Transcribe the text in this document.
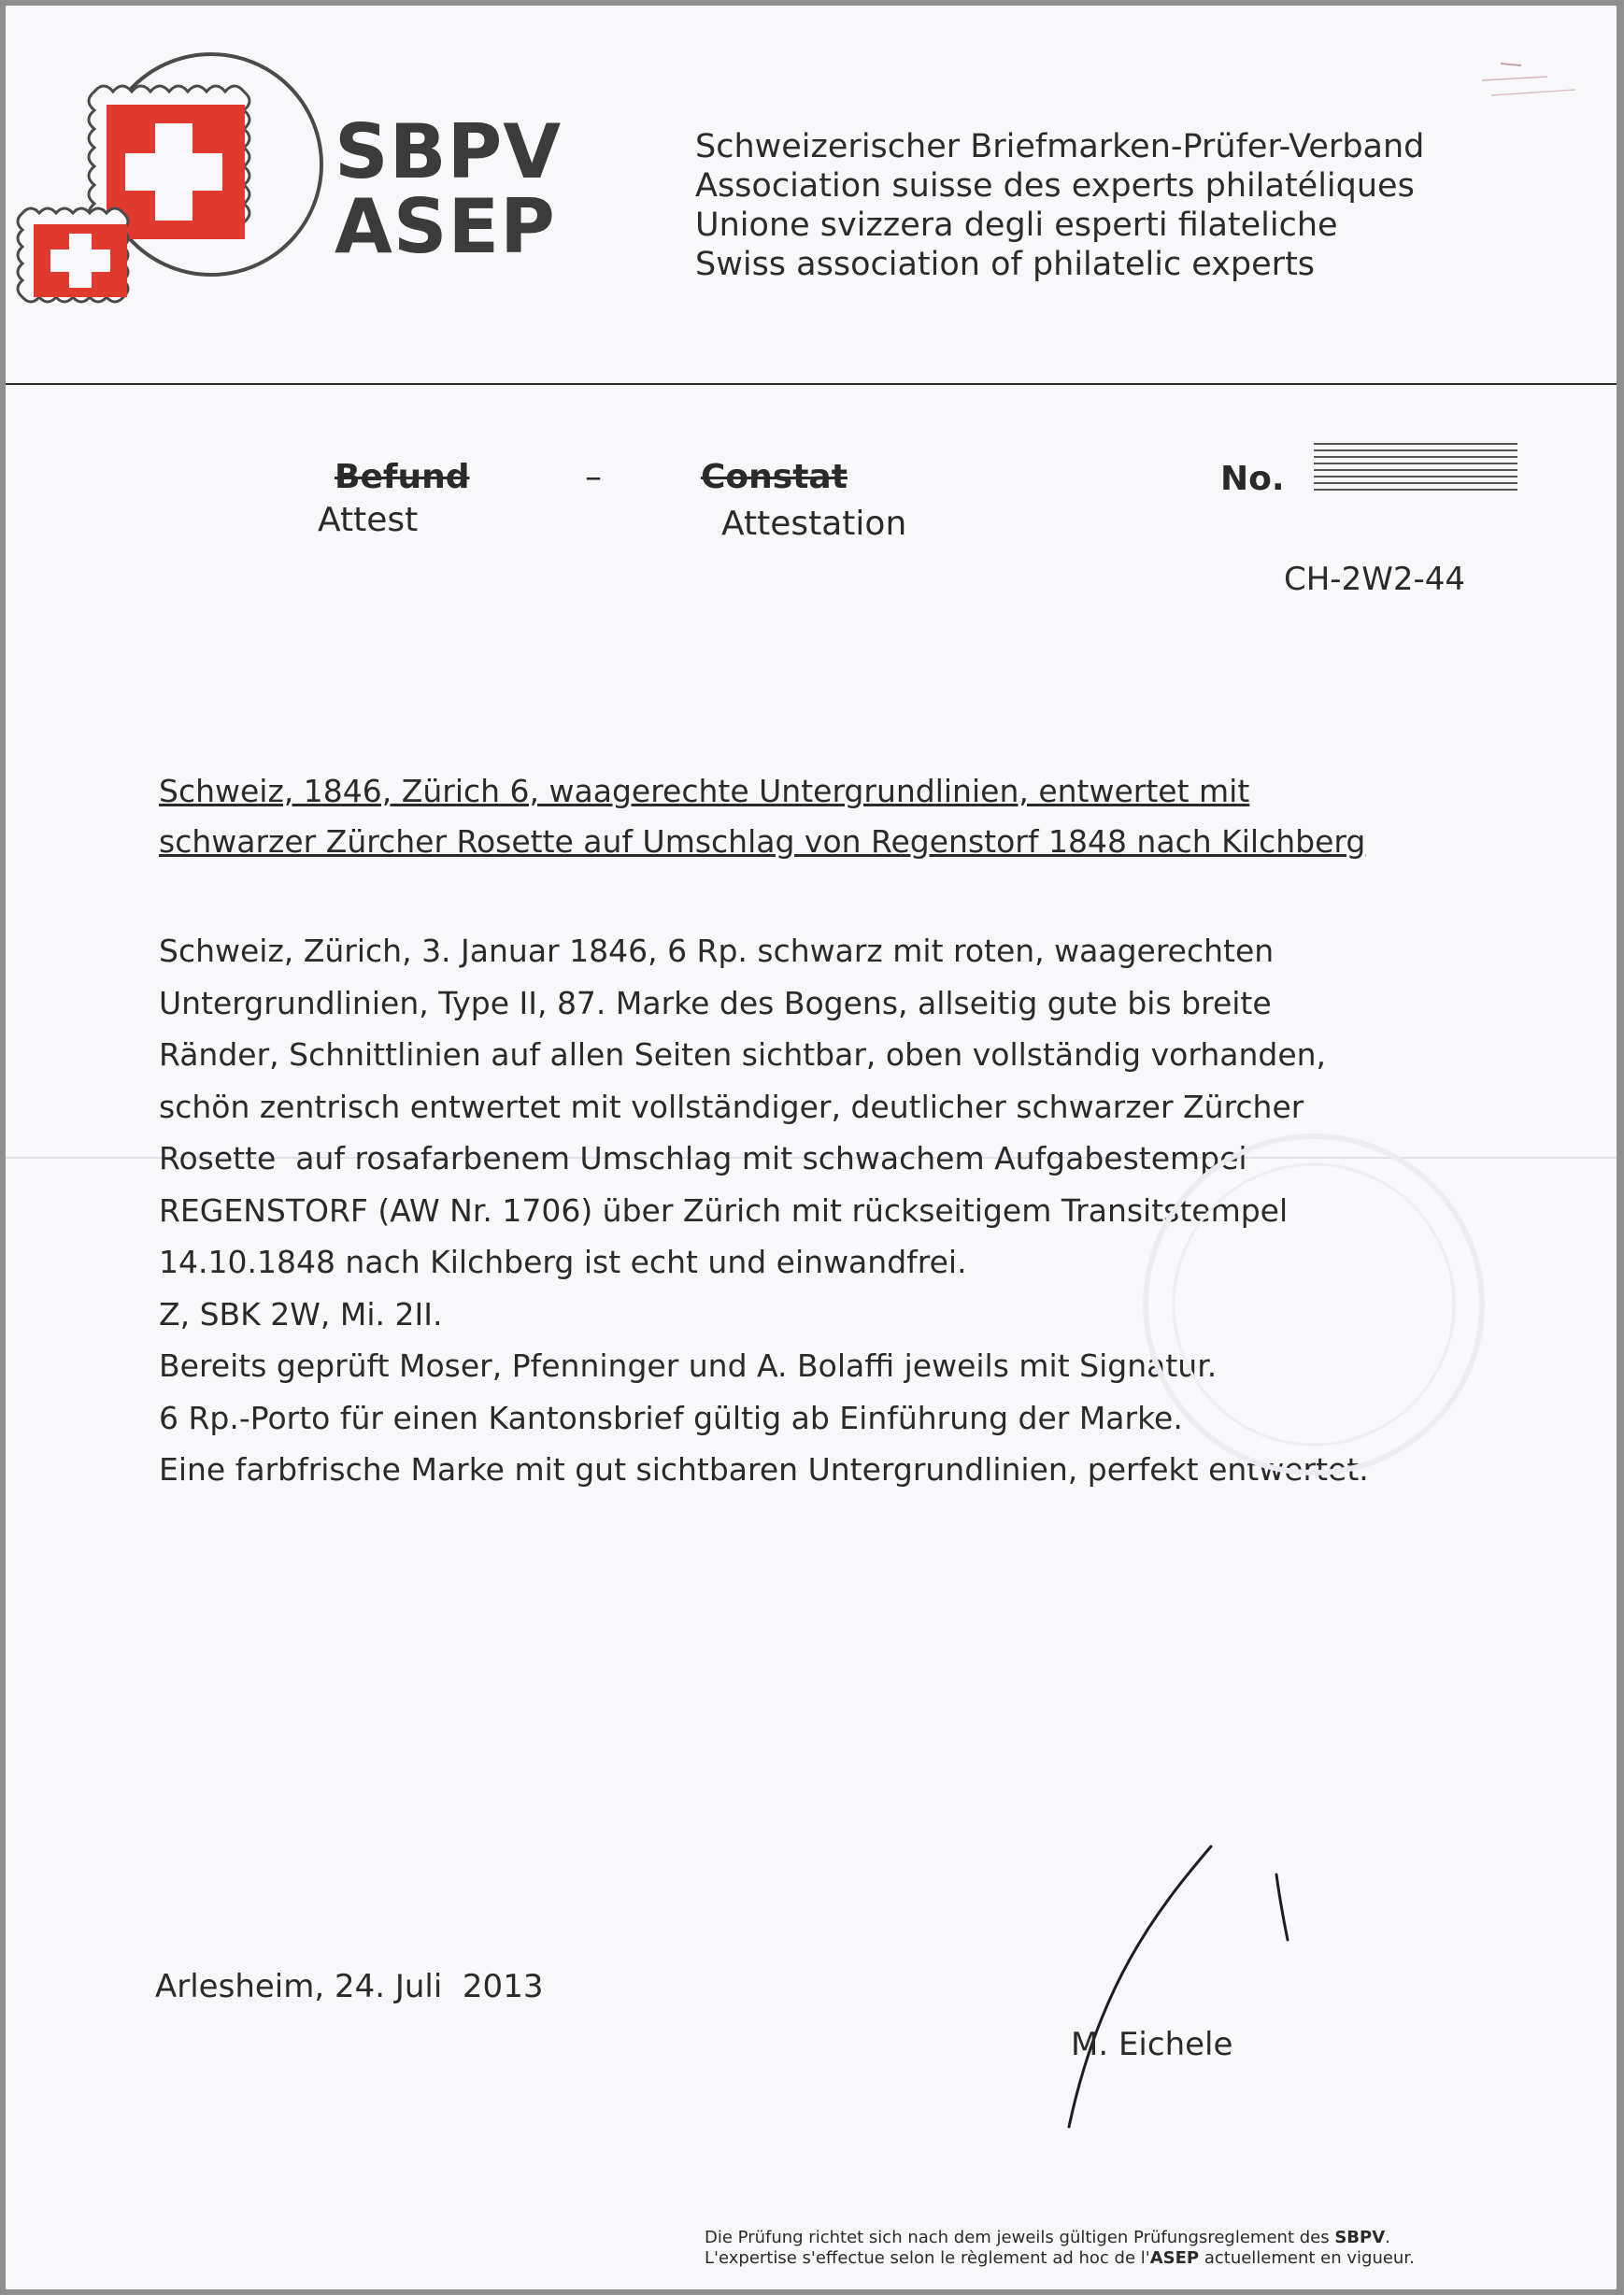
SBPV
ASEP
Schweizerischer Briefmarken-Prüfer-Verband
Association suisse des experts philatéliques
Unione svizzera degli esperti filateliche
Swiss association of philatelic experts
Befund
Attest
–	Constat
Attestation
No.
CH-2W2-44
Schweiz, 1846, Zürich 6, waagerechte Untergrundlinien, entwertet mit
schwarzer Zürcher Rosette auf Umschlag von Regenstorf 1848 nach Kilchberg
Schweiz, Zürich, 3. Januar 1846, 6 Rp. schwarz mit roten, waagerechten
Untergrundlinien, Type II, 87. Marke des Bogens, allseitig gute bis breite
Ränder, Schnittlinien auf allen Seiten sichtbar, oben vollständig vorhanden,
schön zentrisch entwertet mit vollständiger, deutlicher schwarzer Zürcher
Rosette  auf rosafarbenem Umschlag mit schwachem Aufgabestempel
REGENSTORF (AW Nr. 1706) über Zürich mit rückseitigem Transitstempel
14.10.1848 nach Kilchberg ist echt und einwandfrei.
Z, SBK 2W, Mi. 2II.
Bereits geprüft Moser, Pfenninger und A. Bolaffi jeweils mit Signatur.
6 Rp.-Porto für einen Kantonsbrief gültig ab Einführung der Marke.
Eine farbfrische Marke mit gut sichtbaren Untergrundlinien, perfekt entwertet.
Arlesheim, 24. Juli  2013
M. Eichele
Die Prüfung richtet sich nach dem jeweils gültigen Prüfungsreglement des SBPV.
L'expertise s'effectue selon le règlement ad hoc de l'ASEP actuellement en vigueur.
